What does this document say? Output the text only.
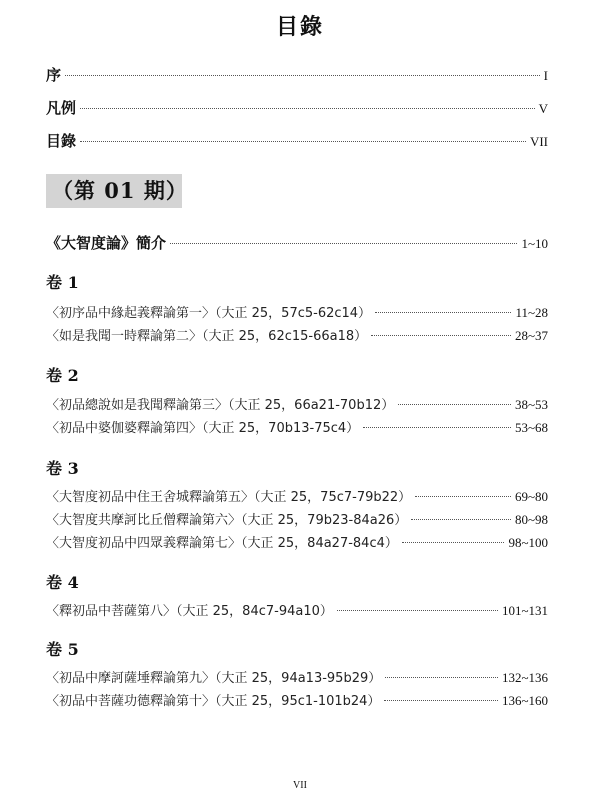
目錄
序	I
凡例	V
目錄	VII
（第 01 期）
《大智度論》簡介	1~10
卷 1
〈初序品中緣起義釋論第一〉（大正 25，57c5-62c14）	11~28
〈如是我聞一時釋論第二〉（大正 25，62c15-66a18）	28~37
卷 2
〈初品總說如是我聞釋論第三〉（大正 25，66a21-70b12）	38~53
〈初品中婆伽婆釋論第四〉（大正 25，70b13-75c4）	53~68
卷 3
〈大智度初品中住王舍城釋論第五〉（大正 25，75c7-79b22）	69~80
〈大智度共摩訶比丘僧釋論第六〉（大正 25，79b23-84a26）	80~98
〈大智度初品中四眾義釋論第七〉（大正 25，84a27-84c4）	98~100
卷 4
〈釋初品中菩薩第八〉（大正 25，84c7-94a10）	101~131
卷 5
〈初品中摩訶薩埵釋論第九〉（大正 25，94a13-95b29）	132~136
〈初品中菩薩功德釋論第十〉（大正 25，95c1-101b24）	136~160
VII
